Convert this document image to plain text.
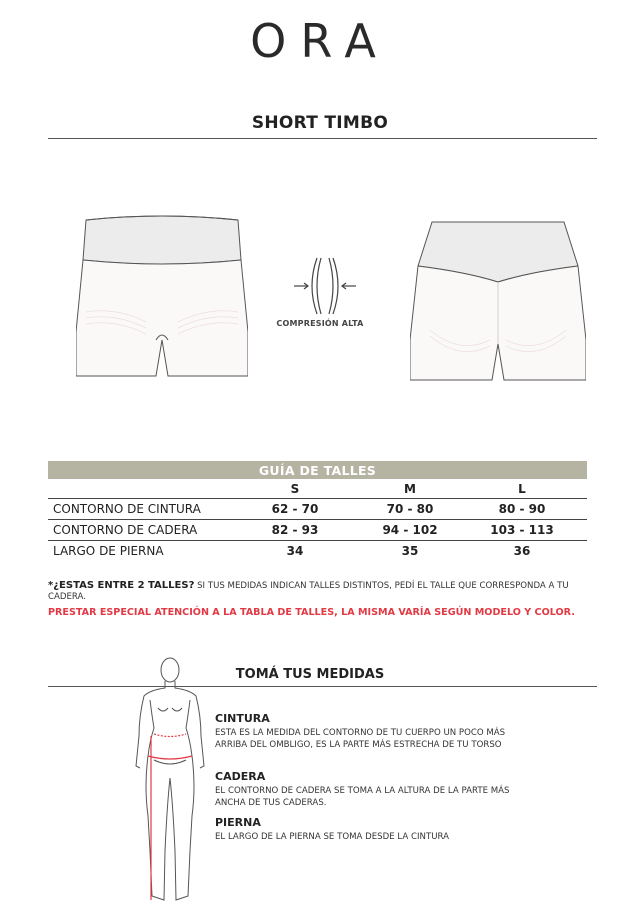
ORA
SHORT TIMBO
COMPRESIÓN ALTA
GUÍA DE TALLES
S	M	L
CONTORNO DE CINTURA	62 - 70	70 - 80	80 - 90
CONTORNO DE CADERA	82 - 93	94 - 102	103 - 113
LARGO DE PIERNA	34	35	36
*¿ESTAS ENTRE 2 TALLES? SI TUS MEDIDAS INDICAN TALLES DISTINTOS, PEDÍ EL TALLE QUE CORRESPONDA A TU CADERA.
PRESTAR ESPECIAL ATENCIÓN A LA TABLA DE TALLES, LA MISMA VARÍA SEGÚN MODELO Y COLOR.
TOMÁ TUS MEDIDAS
CINTURA
ESTA ES LA MEDIDA DEL CONTORNO DE TU CUERPO UN POCO MÁS ARRIBA DEL OMBLIGO, ES LA PARTE MÁS ESTRECHA DE TU TORSO
CADERA
EL CONTORNO DE CADERA SE TOMA A LA ALTURA DE LA PARTE MÁS ANCHA DE TUS CADERAS.
PIERNA
EL LARGO DE LA PIERNA SE TOMA DESDE LA CINTURA
